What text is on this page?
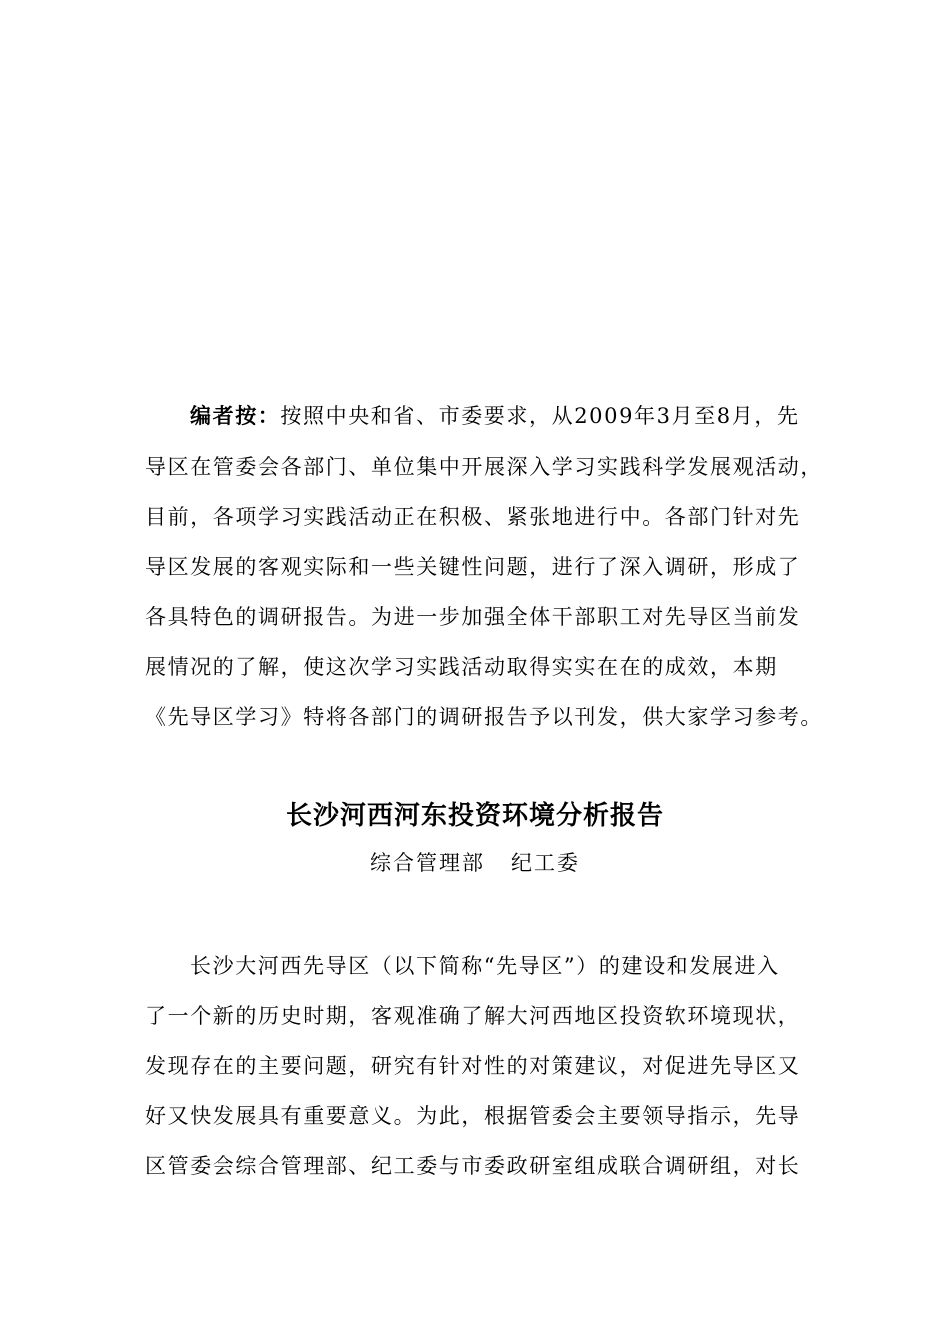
编者按：按照中央和省、市委要求，从2009年3月至8月，先
导区在管委会各部门、单位集中开展深入学习实践科学发展观活动，
目前，各项学习实践活动正在积极、紧张地进行中。各部门针对先
导区发展的客观实际和一些关键性问题，进行了深入调研，形成了
各具特色的调研报告。为进一步加强全体干部职工对先导区当前发
展情况的了解，使这次学习实践活动取得实实在在的成效，本期
《先导区学习》特将各部门的调研报告予以刊发，供大家学习参考。
长沙河西河东投资环境分析报告
综合管理部   纪工委
长沙大河西先导区（以下简称“先导区”）的建设和发展进入
了一个新的历史时期，客观准确了解大河西地区投资软环境现状，
发现存在的主要问题，研究有针对性的对策建议，对促进先导区又
好又快发展具有重要意义。为此，根据管委会主要领导指示，先导
区管委会综合管理部、纪工委与市委政研室组成联合调研组，对长
